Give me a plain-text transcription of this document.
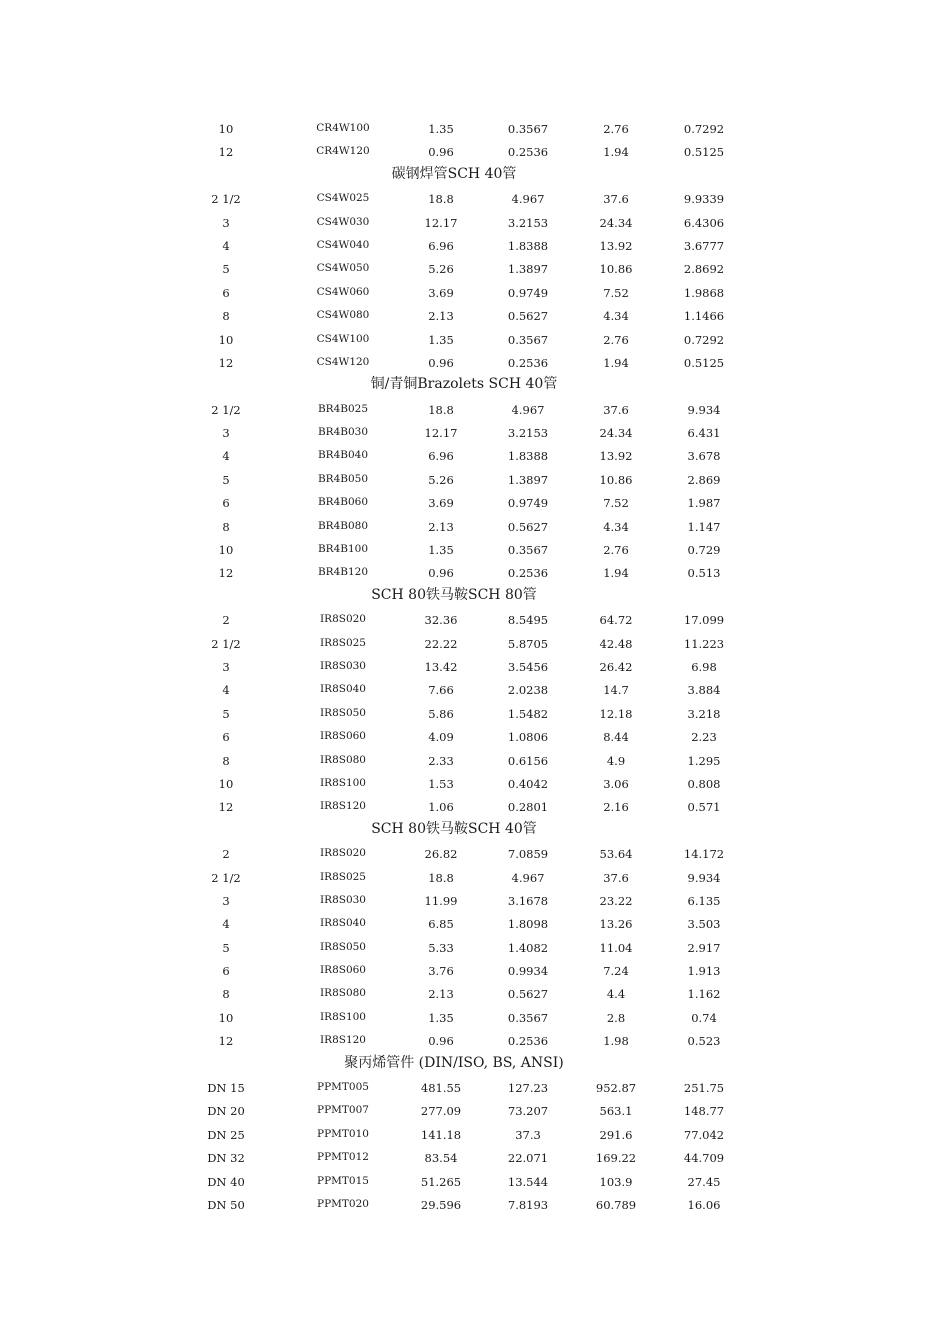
10	CR4W100	1.35	0.3567	2.76	0.7292
12	CR4W120	0.96	0.2536	1.94	0.5125
碳钢焊管SCH 40管
2 1/2	CS4W025	18.8	4.967	37.6	9.9339
3	CS4W030	12.17	3.2153	24.34	6.4306
4	CS4W040	6.96	1.8388	13.92	3.6777
5	CS4W050	5.26	1.3897	10.86	2.8692
6	CS4W060	3.69	0.9749	7.52	1.9868
8	CS4W080	2.13	0.5627	4.34	1.1466
10	CS4W100	1.35	0.3567	2.76	0.7292
12	CS4W120	0.96	0.2536	1.94	0.5125
铜/青铜Brazolets SCH 40管
2 1/2	BR4B025	18.8	4.967	37.6	9.934
3	BR4B030	12.17	3.2153	24.34	6.431
4	BR4B040	6.96	1.8388	13.92	3.678
5	BR4B050	5.26	1.3897	10.86	2.869
6	BR4B060	3.69	0.9749	7.52	1.987
8	BR4B080	2.13	0.5627	4.34	1.147
10	BR4B100	1.35	0.3567	2.76	0.729
12	BR4B120	0.96	0.2536	1.94	0.513
SCH 80铁马鞍SCH 80管
2	IR8S020	32.36	8.5495	64.72	17.099
2 1/2	IR8S025	22.22	5.8705	42.48	11.223
3	IR8S030	13.42	3.5456	26.42	6.98
4	IR8S040	7.66	2.0238	14.7	3.884
5	IR8S050	5.86	1.5482	12.18	3.218
6	IR8S060	4.09	1.0806	8.44	2.23
8	IR8S080	2.33	0.6156	4.9	1.295
10	IR8S100	1.53	0.4042	3.06	0.808
12	IR8S120	1.06	0.2801	2.16	0.571
SCH 80铁马鞍SCH 40管
2	IR8S020	26.82	7.0859	53.64	14.172
2 1/2	IR8S025	18.8	4.967	37.6	9.934
3	IR8S030	11.99	3.1678	23.22	6.135
4	IR8S040	6.85	1.8098	13.26	3.503
5	IR8S050	5.33	1.4082	11.04	2.917
6	IR8S060	3.76	0.9934	7.24	1.913
8	IR8S080	2.13	0.5627	4.4	1.162
10	IR8S100	1.35	0.3567	2.8	0.74
12	IR8S120	0.96	0.2536	1.98	0.523
聚丙烯管件 (DIN/ISO, BS, ANSI)
DN 15	PPMT005	481.55	127.23	952.87	251.75
DN 20	PPMT007	277.09	73.207	563.1	148.77
DN 25	PPMT010	141.18	37.3	291.6	77.042
DN 32	PPMT012	83.54	22.071	169.22	44.709
DN 40	PPMT015	51.265	13.544	103.9	27.45
DN 50	PPMT020	29.596	7.8193	60.789	16.06
